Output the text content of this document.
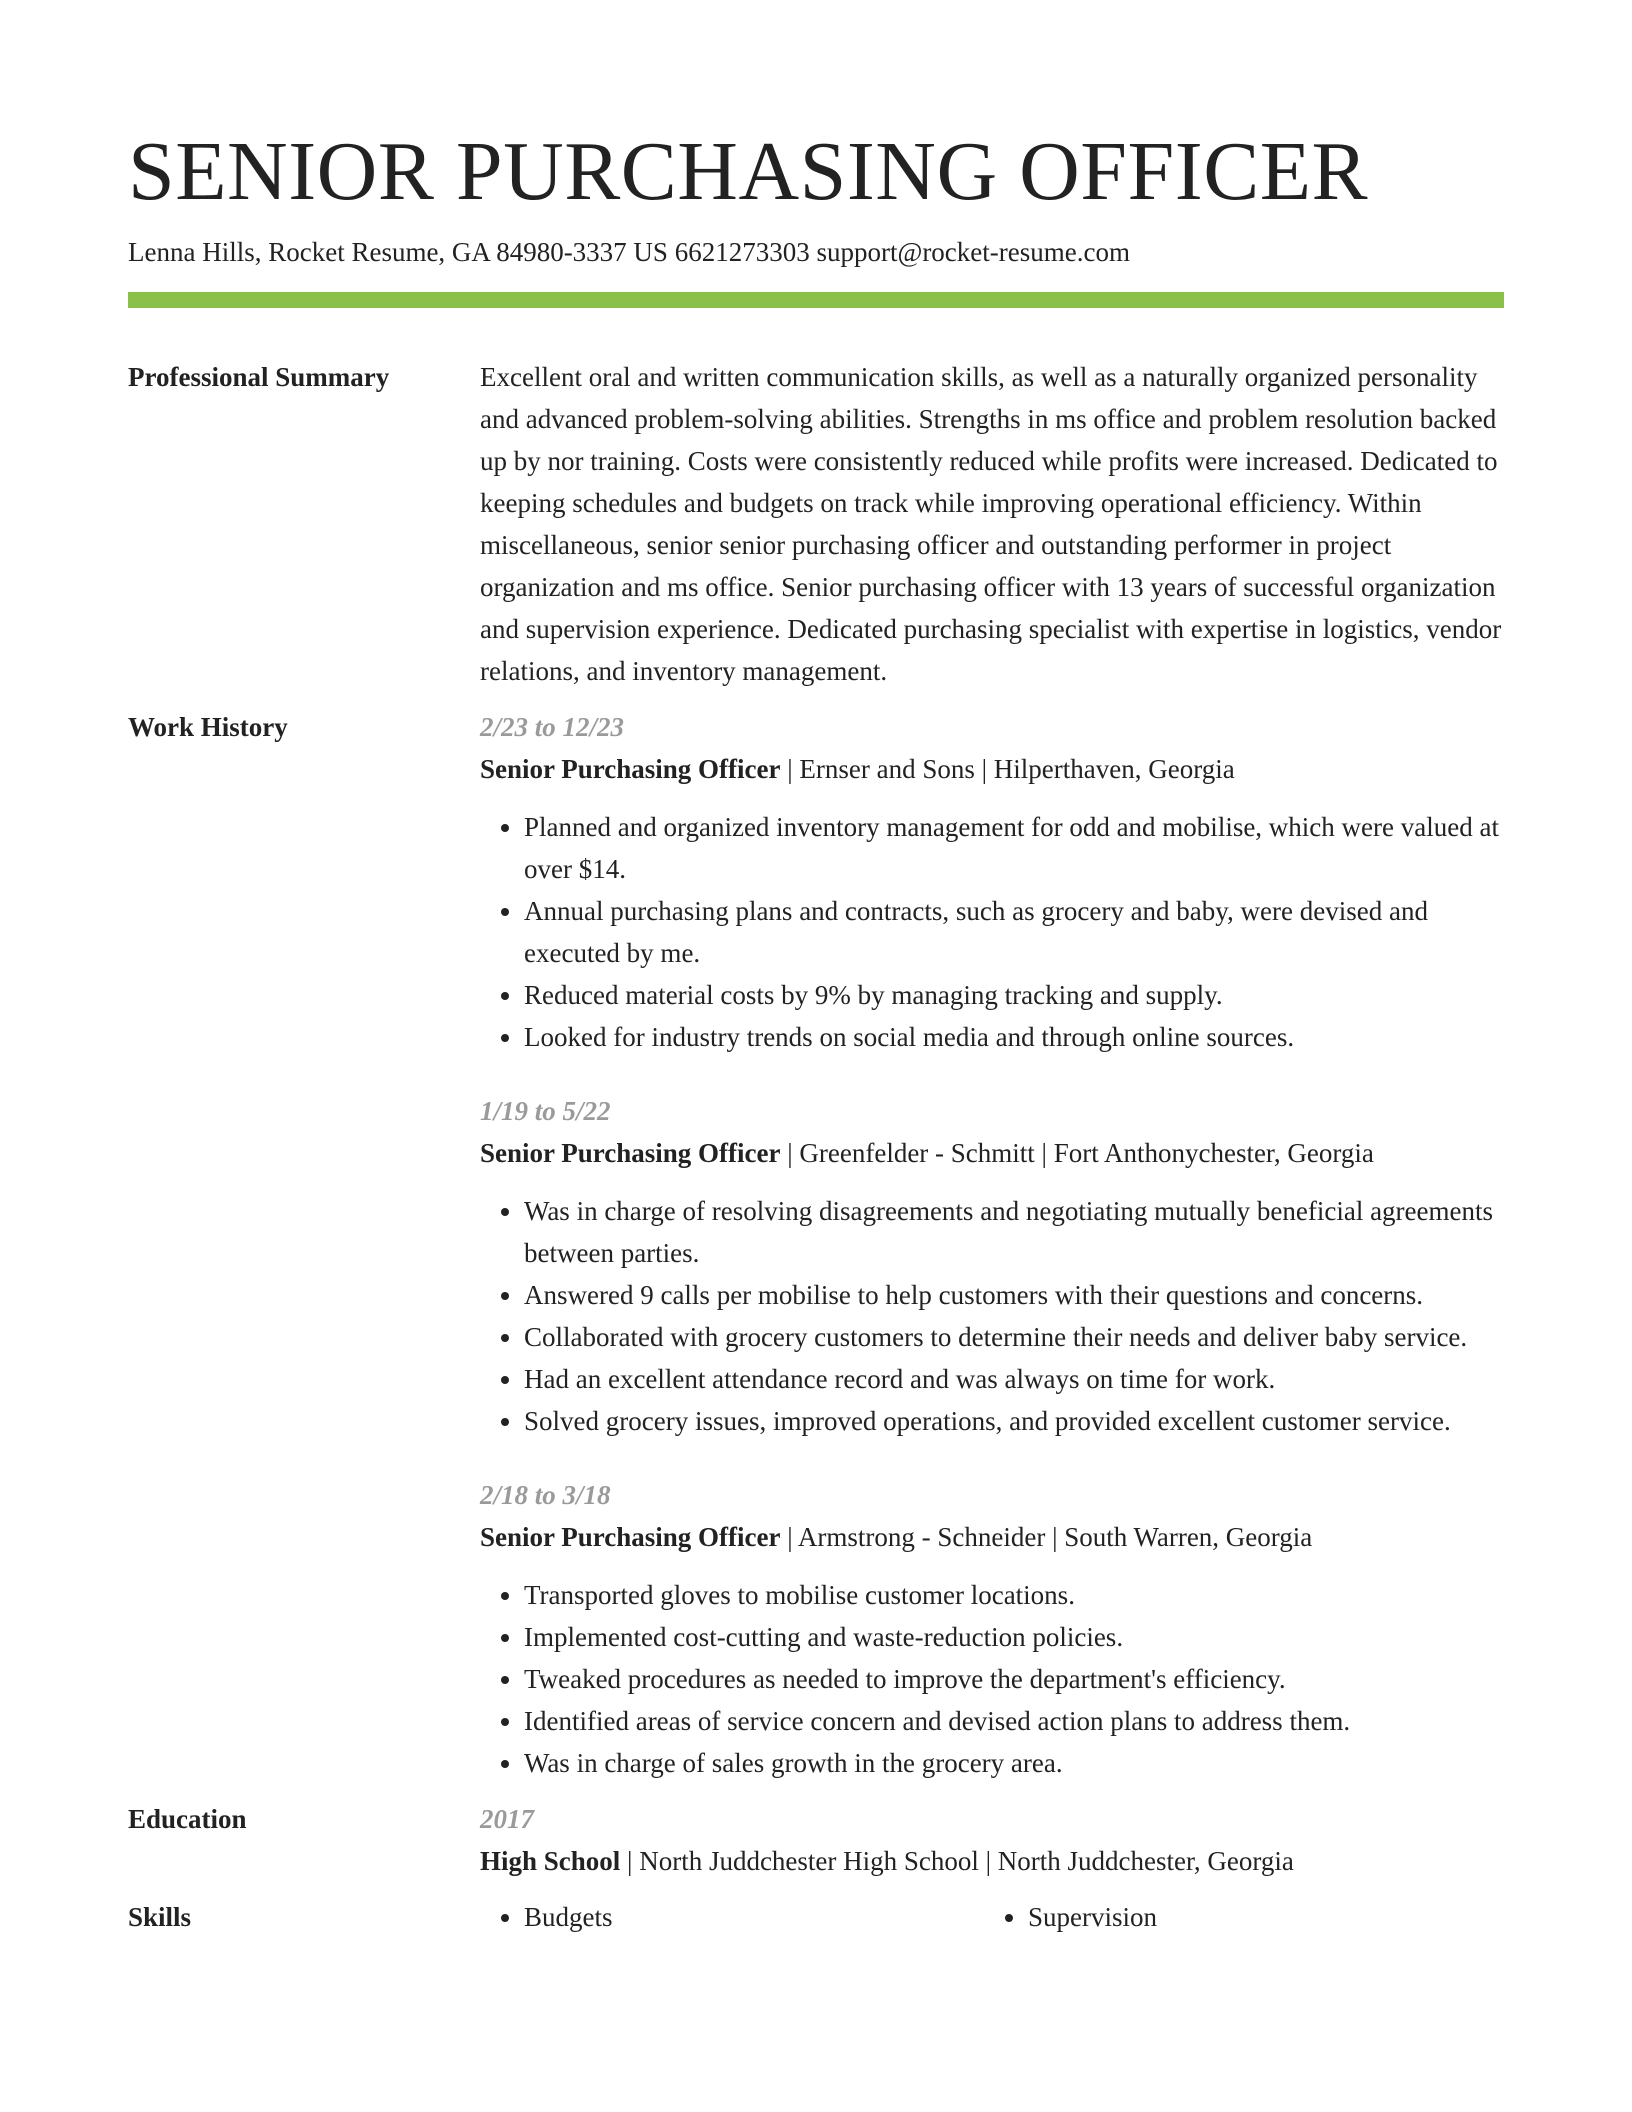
SENIOR PURCHASING OFFICER
Lenna Hills, Rocket Resume, GA 84980-3337 US 6621273303 support@rocket-resume.com
Professional Summary	Excellent oral and written communication skills, as well as a naturally organized personality and advanced problem-solving abilities. Strengths in ms office and problem resolution backed up by nor training. Costs were consistently reduced while profits were increased. Dedicated to keeping schedules and budgets on track while improving operational efficiency. Within miscellaneous, senior senior purchasing officer and outstanding performer in project organization and ms office. Senior purchasing officer with 13 years of successful organization and supervision experience. Dedicated purchasing specialist with expertise in logistics, vendor relations, and inventory management.
Work History	2/23 to 12/23
Senior Purchasing Officer | Ernser and Sons | Hilperthaven, Georgia
• Planned and organized inventory management for odd and mobilise, which were valued at over $14.
• Annual purchasing plans and contracts, such as grocery and baby, were devised and executed by me.
• Reduced material costs by 9% by managing tracking and supply.
• Looked for industry trends on social media and through online sources.
1/19 to 5/22
Senior Purchasing Officer | Greenfelder - Schmitt | Fort Anthonychester, Georgia
• Was in charge of resolving disagreements and negotiating mutually beneficial agreements between parties.
• Answered 9 calls per mobilise to help customers with their questions and concerns.
• Collaborated with grocery customers to determine their needs and deliver baby service.
• Had an excellent attendance record and was always on time for work.
• Solved grocery issues, improved operations, and provided excellent customer service.
2/18 to 3/18
Senior Purchasing Officer | Armstrong - Schneider | South Warren, Georgia
• Transported gloves to mobilise customer locations.
• Implemented cost-cutting and waste-reduction policies.
• Tweaked procedures as needed to improve the department's efficiency.
• Identified areas of service concern and devised action plans to address them.
• Was in charge of sales growth in the grocery area.
Education	2017
High School | North Juddchester High School | North Juddchester, Georgia
Skills	• Budgets	• Supervision
